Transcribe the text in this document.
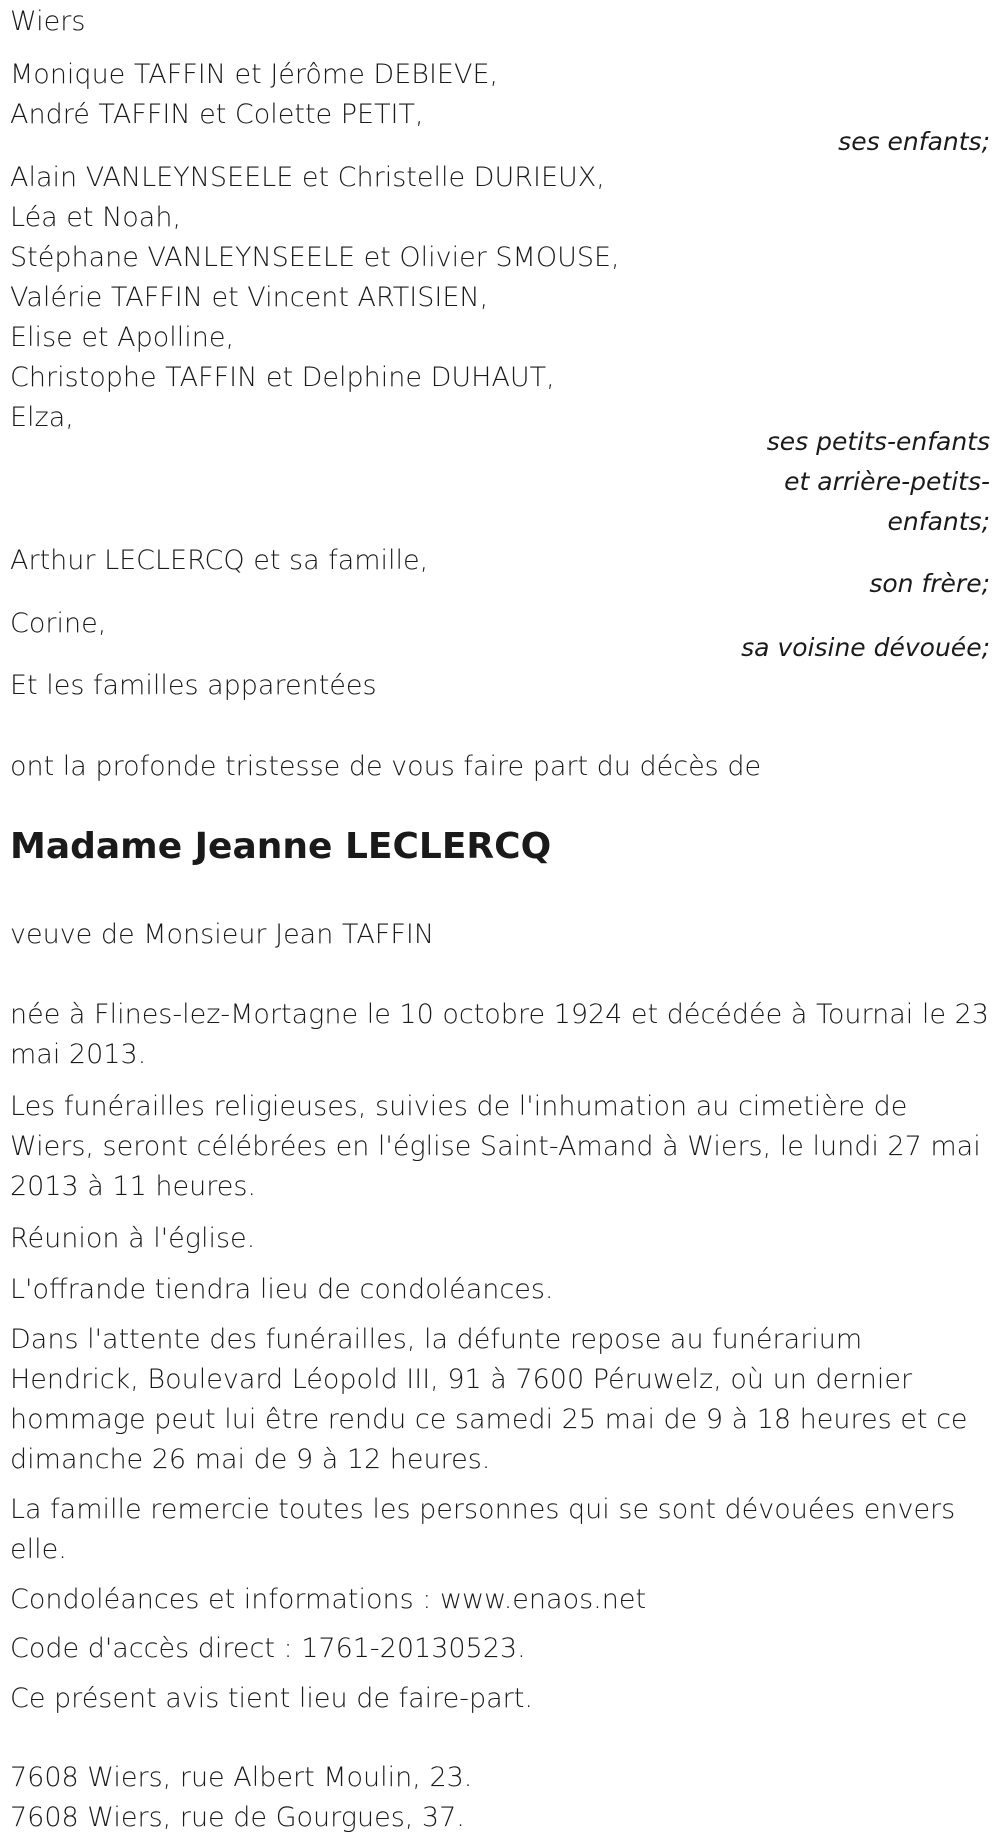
Wiers
Monique TAFFIN et Jérôme DEBIEVE,
André TAFFIN et Colette PETIT,
ses enfants;
Alain VANLEYNSEELE et Christelle DURIEUX,
Léa et Noah,
Stéphane VANLEYNSEELE et Olivier SMOUSE,
Valérie TAFFIN et Vincent ARTISIEN,
Elise et Apolline,
Christophe TAFFIN et Delphine DUHAUT,
Elza,
ses petits-enfants
et arrière-petits-
enfants;
Arthur LECLERCQ et sa famille,
son frère;
Corine,
sa voisine dévouée;
Et les familles apparentées
ont la profonde tristesse de vous faire part du décès de
Madame Jeanne LECLERCQ
veuve de Monsieur Jean TAFFIN
née à Flines-lez-Mortagne le 10 octobre 1924 et décédée à Tournai le 23 mai 2013.
Les funérailles religieuses, suivies de l'inhumation au cimetière de Wiers, seront célébrées en l'église Saint-Amand à Wiers, le lundi 27 mai 2013 à 11 heures.
Réunion à l'église.
L'offrande tiendra lieu de condoléances.
Dans l'attente des funérailles, la défunte repose au funérarium Hendrick, Boulevard Léopold III, 91 à 7600 Péruwelz, où un dernier hommage peut lui être rendu ce samedi 25 mai de 9 à 18 heures et ce dimanche 26 mai de 9 à 12 heures.
La famille remercie toutes les personnes qui se sont dévouées envers elle.
Condoléances et informations : www.enaos.net
Code d'accès direct : 1761-20130523.
Ce présent avis tient lieu de faire-part.
7608 Wiers, rue Albert Moulin, 23.
7608 Wiers, rue de Gourgues, 37.
